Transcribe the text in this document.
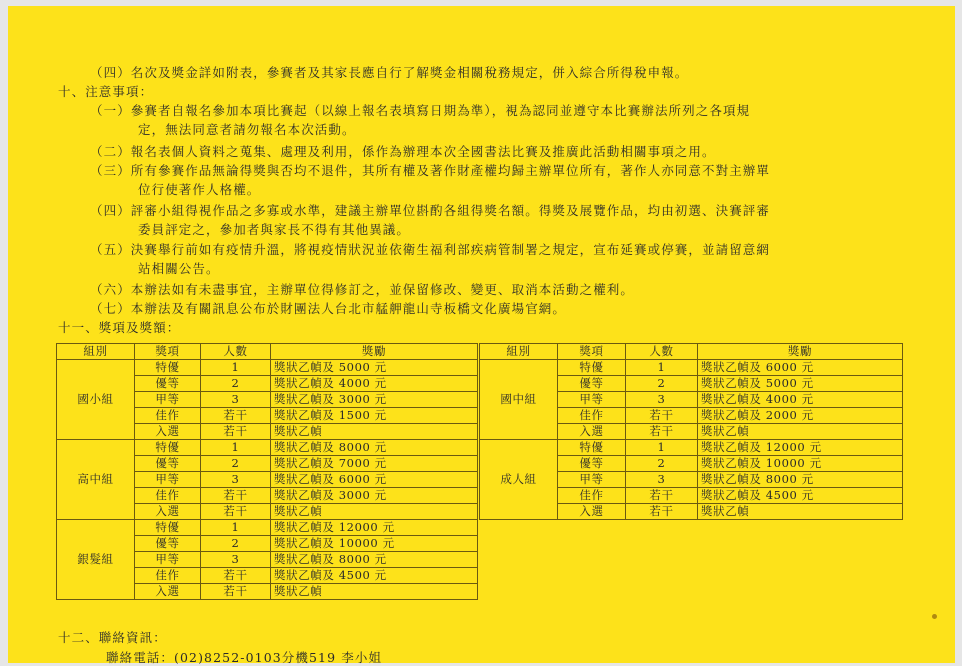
（四）名次及獎金詳如附表，參賽者及其家長應自行了解獎金相關稅務規定，併入綜合所得稅申報。
十、注意事項：
（一）參賽者自報名參加本項比賽起（以線上報名表填寫日期為準），視為認同並遵守本比賽辦法所列之各項規
定，無法同意者請勿報名本次活動。
（二）報名表個人資料之蒐集、處理及利用，係作為辦理本次全國書法比賽及推廣此活動相關事項之用。
（三）所有參賽作品無論得獎與否均不退件，其所有權及著作財產權均歸主辦單位所有，著作人亦同意不對主辦單
位行使著作人格權。
（四）評審小組得視作品之多寡或水準，建議主辦單位斟酌各組得獎名額。得獎及展覽作品，均由初選、決賽評審
委員評定之，參加者與家長不得有其他異議。
（五）決賽舉行前如有疫情升溫，將視疫情狀況並依衛生福利部疾病管制署之規定，宣布延賽或停賽，並請留意網
站相關公告。
（六）本辦法如有未盡事宜，主辦單位得修訂之，並保留修改、變更、取消本活動之權利。
（七）本辦法及有關訊息公布於財團法人台北市艋舺龍山寺板橋文化廣場官網。
十一、獎項及獎額：
組別	獎項	人數	獎勵
國小組	特優	1	獎狀乙幀及 5000 元
	優等	2	獎狀乙幀及 4000 元
	甲等	3	獎狀乙幀及 3000 元
	佳作	若干	獎狀乙幀及 1500 元
	入選	若干	獎狀乙幀
高中組	特優	1	獎狀乙幀及 8000 元
	優等	2	獎狀乙幀及 7000 元
	甲等	3	獎狀乙幀及 6000 元
	佳作	若干	獎狀乙幀及 3000 元
	入選	若干	獎狀乙幀
銀髮組	特優	1	獎狀乙幀及 12000 元
	優等	2	獎狀乙幀及 10000 元
	甲等	3	獎狀乙幀及 8000 元
	佳作	若干	獎狀乙幀及 4500 元
	入選	若干	獎狀乙幀
組別	獎項	人數	獎勵
國中組	特優	1	獎狀乙幀及 6000 元
	優等	2	獎狀乙幀及 5000 元
	甲等	3	獎狀乙幀及 4000 元
	佳作	若干	獎狀乙幀及 2000 元
	入選	若干	獎狀乙幀
成人組	特優	1	獎狀乙幀及 12000 元
	優等	2	獎狀乙幀及 10000 元
	甲等	3	獎狀乙幀及 8000 元
	佳作	若干	獎狀乙幀及 4500 元
	入選	若干	獎狀乙幀
十二、聯絡資訊：
聯絡電話：(02)8252-0103分機519 李小姐
